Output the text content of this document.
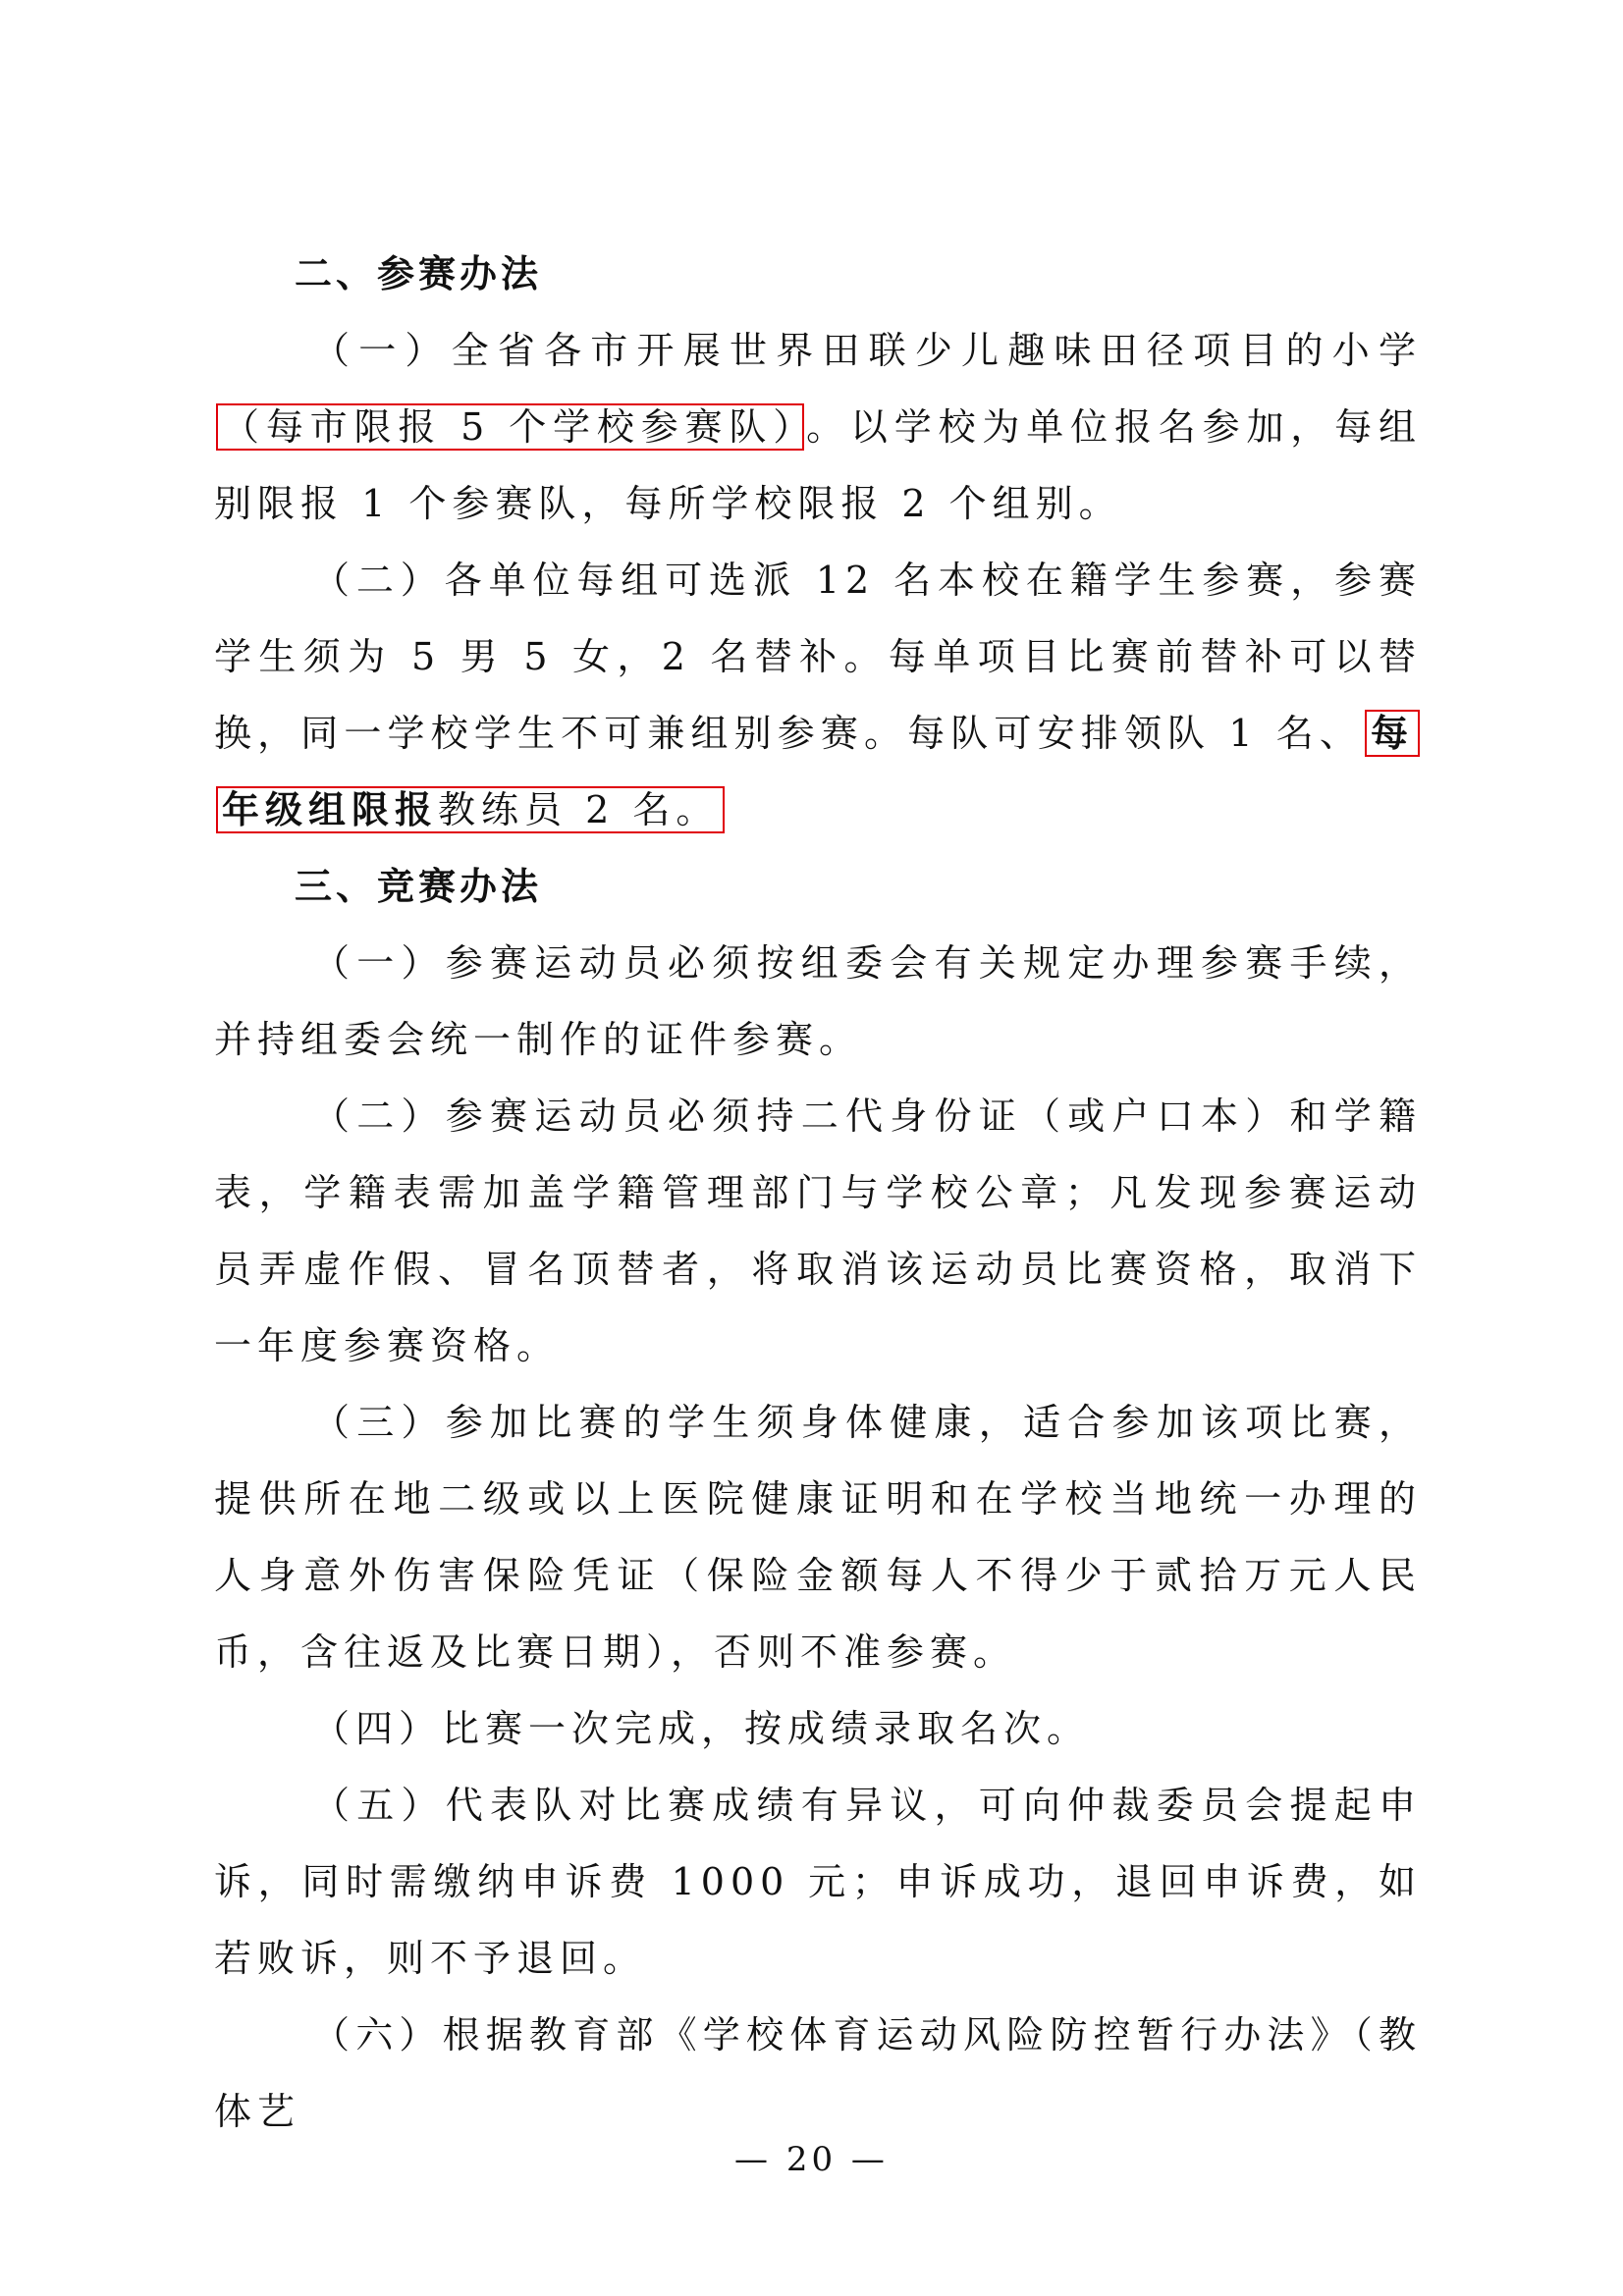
二、参赛办法

（一）全省各市开展世界田联少儿趣味田径项目的小学（每市限报 5 个学校参赛队） 。以学校为单位报名参加，每组别限报 1 个参赛队，每所学校限报 2 个组别。

（二）各单位每组可选派 12 名本校在籍学生参赛，参赛学生须为 5 男 5 女，2 名替补。每单项目比赛前替补可以替换，同一学校学生不可兼组别参赛。每队可安排领队 1 名、 每年级组限报教练员 2 名。

三、竞赛办法

（一）参赛运动员必须按组委会有关规定办理参赛手续，并持组委会统一制作的证件参赛。

（二）参赛运动员必须持二代身份证（或户口本）和学籍表，学籍表需加盖学籍管理部门与学校公章；凡发现参赛运动员弄虚作假、冒名顶替者，将取消该运动员比赛资格，取消下一年度参赛资格。

（三）参加比赛的学生须身体健康，适合参加该项比赛，提供所在地二级或以上医院健康证明和在学校当地统一办理的人身意外伤害保险凭证（保险金额每人不得少于贰拾万元人民币，含往返及比赛日期），否则不准参赛。

（四）比赛一次完成，按成绩录取名次。

（五）代表队对比赛成绩有异议，可向仲裁委员会提起申诉，同时需缴纳申诉费 1000 元；申诉成功，退回申诉费，如若败诉，则不予退回。

（六）根据教育部《学校体育运动风险防控暂行办法》（教体艺

— 20 —
